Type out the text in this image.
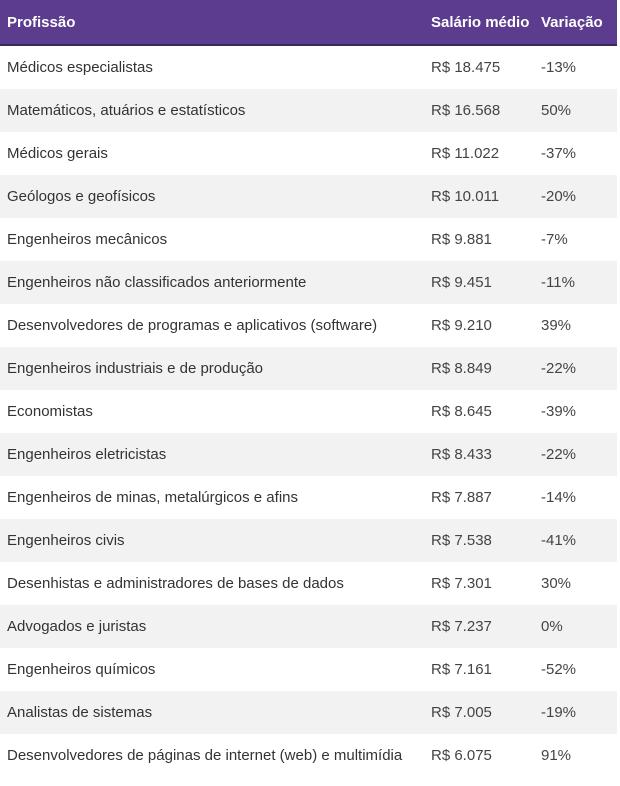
Profissão	Salário médio	Variação
Médicos especialistas	R$ 18.475	-13%
Matemáticos, atuários e estatísticos	R$ 16.568	50%
Médicos gerais	R$ 11.022	-37%
Geólogos e geofísicos	R$ 10.011	-20%
Engenheiros mecânicos	R$ 9.881	-7%
Engenheiros não classificados anteriormente	R$ 9.451	-11%
Desenvolvedores de programas e aplicativos (software)	R$ 9.210	39%
Engenheiros industriais e de produção	R$ 8.849	-22%
Economistas	R$ 8.645	-39%
Engenheiros eletricistas	R$ 8.433	-22%
Engenheiros de minas, metalúrgicos e afins	R$ 7.887	-14%
Engenheiros civis	R$ 7.538	-41%
Desenhistas e administradores de bases de dados	R$ 7.301	30%
Advogados e juristas	R$ 7.237	0%
Engenheiros químicos	R$ 7.161	-52%
Analistas de sistemas	R$ 7.005	-19%
Desenvolvedores de páginas de internet (web) e multimídia	R$ 6.075	91%
